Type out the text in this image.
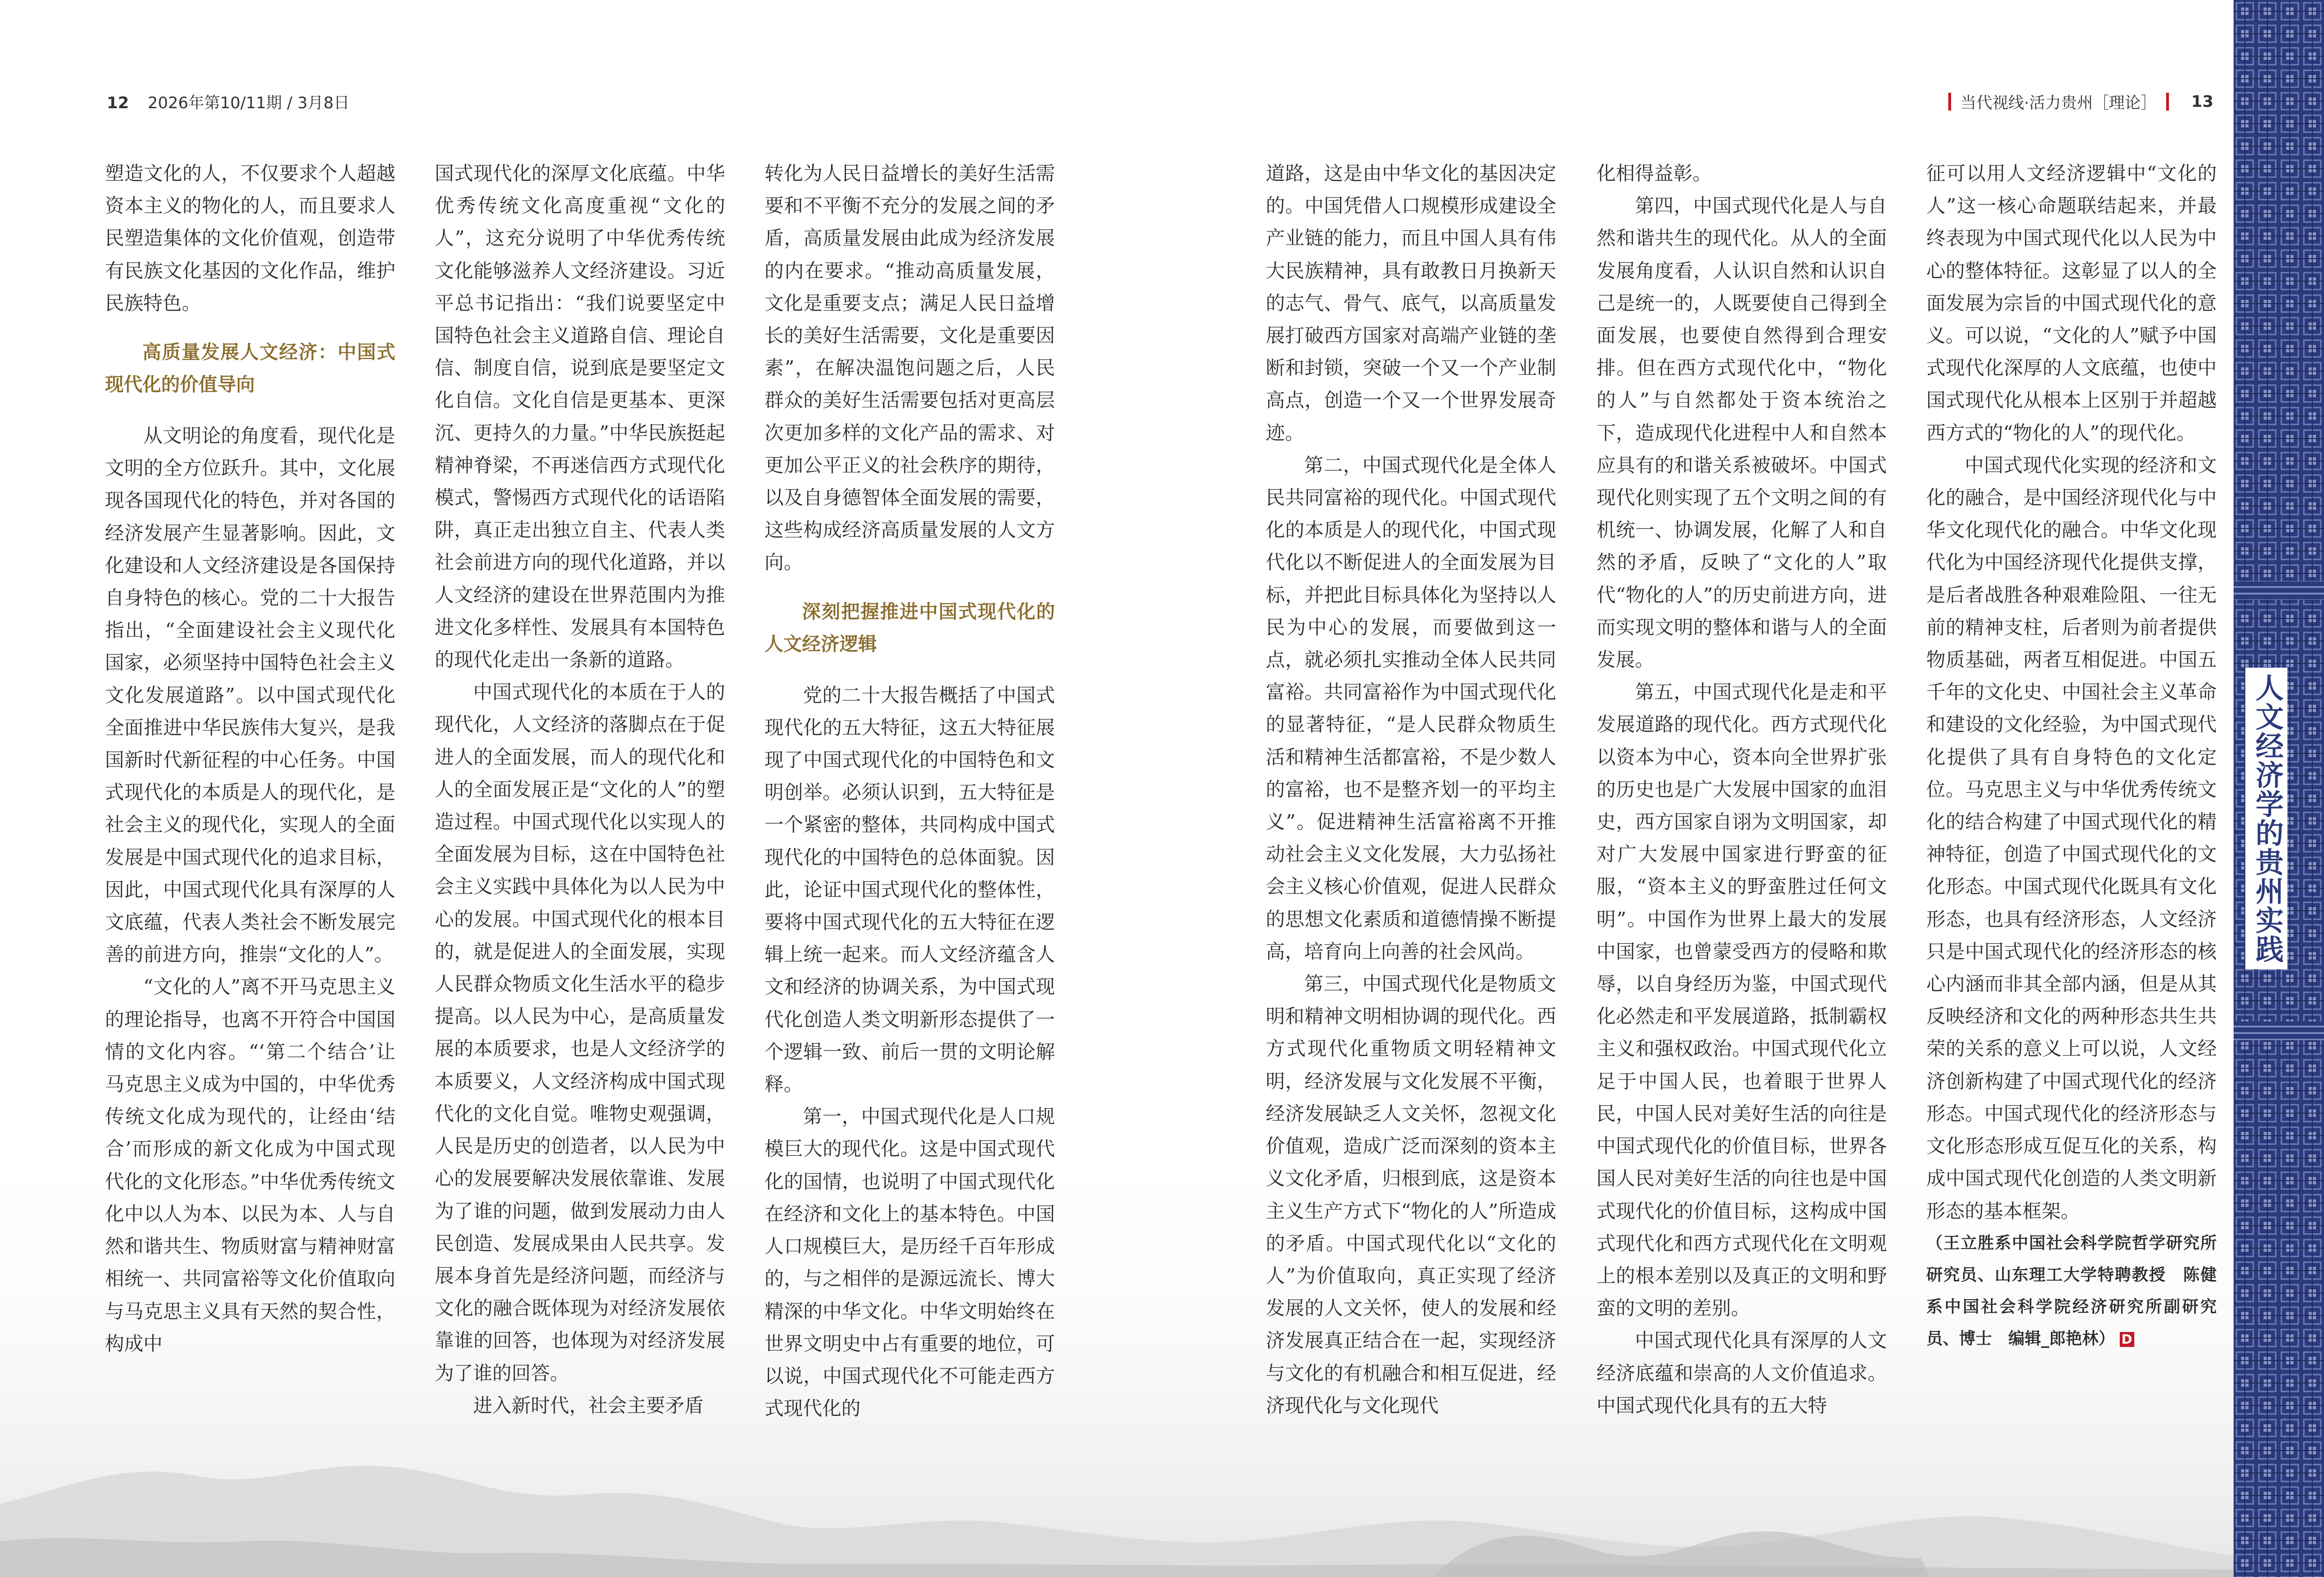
12 2026年第10/11期 / 3月8日	当代视线·活力贵州［理论］ 13

塑造文化的人，不仅要求个人超越资本主义的物化的人，而且要求人民塑造集体的文化价值观，创造带有民族文化基因的文化作品，维护民族特色。

高质量发展人文经济：中国式现代化的价值导向

从文明论的角度看，现代化是文明的全方位跃升。其中，文化展现各国现代化的特色，并对各国的经济发展产生显著影响。因此，文化建设和人文经济建设是各国保持自身特色的核心。党的二十大报告指出，“全面建设社会主义现代化国家，必须坚持中国特色社会主义文化发展道路”。以中国式现代化全面推进中华民族伟大复兴，是我国新时代新征程的中心任务。中国式现代化的本质是人的现代化，是社会主义的现代化，实现人的全面发展是中国式现代化的追求目标，因此，中国式现代化具有深厚的人文底蕴，代表人类社会不断发展完善的前进方向，推崇“文化的人”。

“文化的人”离不开马克思主义的理论指导，也离不开符合中国国情的文化内容。“‘第二个结合’让马克思主义成为中国的，中华优秀传统文化成为现代的，让经由‘结合’而形成的新文化成为中国式现代化的文化形态。”中华优秀传统文化中以人为本、以民为本、人与自然和谐共生、物质财富与精神财富相统一、共同富裕等文化价值取向与马克思主义具有天然的契合性，构成中

国式现代化的深厚文化底蕴。中华优秀传统文化高度重视“文化的人”，这充分说明了中华优秀传统文化能够滋养人文经济建设。习近平总书记指出：“我们说要坚定中国特色社会主义道路自信、理论自信、制度自信，说到底是要坚定文化自信。文化自信是更基本、更深沉、更持久的力量。”中华民族挺起精神脊梁，不再迷信西方式现代化模式，警惕西方式现代化的话语陷阱，真正走出独立自主、代表人类社会前进方向的现代化道路，并以人文经济的建设在世界范围内为推进文化多样性、发展具有本国特色的现代化走出一条新的道路。

中国式现代化的本质在于人的现代化，人文经济的落脚点在于促进人的全面发展，而人的现代化和人的全面发展正是“文化的人”的塑造过程。中国式现代化以实现人的全面发展为目标，这在中国特色社会主义实践中具体化为以人民为中心的发展。中国式现代化的根本目的，就是促进人的全面发展，实现人民群众物质文化生活水平的稳步提高。以人民为中心，是高质量发展的本质要求，也是人文经济学的本质要义，人文经济构成中国式现代化的文化自觉。唯物史观强调，人民是历史的创造者，以人民为中心的发展要解决发展依靠谁、发展为了谁的问题，做到发展动力由人民创造、发展成果由人民共享。发展本身首先是经济问题，而经济与文化的融合既体现为对经济发展依靠谁的回答，也体现为对经济发展为了谁的回答。

进入新时代，社会主要矛盾

转化为人民日益增长的美好生活需要和不平衡不充分的发展之间的矛盾，高质量发展由此成为经济发展的内在要求。“推动高质量发展，文化是重要支点；满足人民日益增长的美好生活需要，文化是重要因素”，在解决温饱问题之后，人民群众的美好生活需要包括对更高层次更加多样的文化产品的需求、对更加公平正义的社会秩序的期待，以及自身德智体全面发展的需要，这些构成经济高质量发展的人文方向。

深刻把握推进中国式现代化的人文经济逻辑

党的二十大报告概括了中国式现代化的五大特征，这五大特征展现了中国式现代化的中国特色和文明创举。必须认识到，五大特征是一个紧密的整体，共同构成中国式现代化的中国特色的总体面貌。因此，论证中国式现代化的整体性，要将中国式现代化的五大特征在逻辑上统一起来。而人文经济蕴含人文和经济的协调关系，为中国式现代化创造人类文明新形态提供了一个逻辑一致、前后一贯的文明论解释。

第一，中国式现代化是人口规模巨大的现代化。这是中国式现代化的国情，也说明了中国式现代化在经济和文化上的基本特色。中国人口规模巨大，是历经千百年形成的，与之相伴的是源远流长、博大精深的中华文化。中华文明始终在世界文明史中占有重要的地位，可以说，中国式现代化不可能走西方式现代化的

道路，这是由中华文化的基因决定的。中国凭借人口规模形成建设全产业链的能力，而且中国人具有伟大民族精神，具有敢教日月换新天的志气、骨气、底气，以高质量发展打破西方国家对高端产业链的垄断和封锁，突破一个又一个产业制高点，创造一个又一个世界发展奇迹。

第二，中国式现代化是全体人民共同富裕的现代化。中国式现代化的本质是人的现代化，中国式现代化以不断促进人的全面发展为目标，并把此目标具体化为坚持以人民为中心的发展，而要做到这一点，就必须扎实推动全体人民共同富裕。共同富裕作为中国式现代化的显著特征，“是人民群众物质生活和精神生活都富裕，不是少数人的富裕，也不是整齐划一的平均主义”。促进精神生活富裕离不开推动社会主义文化发展，大力弘扬社会主义核心价值观，促进人民群众的思想文化素质和道德情操不断提高，培育向上向善的社会风尚。

第三，中国式现代化是物质文明和精神文明相协调的现代化。西方式现代化重物质文明轻精神文明，经济发展与文化发展不平衡，经济发展缺乏人文关怀，忽视文化价值观，造成广泛而深刻的资本主义文化矛盾，归根到底，这是资本主义生产方式下“物化的人”所造成的矛盾。中国式现代化以“文化的人”为价值取向，真正实现了经济发展的人文关怀，使人的发展和经济发展真正结合在一起，实现经济与文化的有机融合和相互促进，经济现代化与文化现代

化相得益彰。

第四，中国式现代化是人与自然和谐共生的现代化。从人的全面发展角度看，人认识自然和认识自己是统一的，人既要使自己得到全面发展，也要使自然得到合理安排。但在西方式现代化中，“物化的人”与自然都处于资本统治之下，造成现代化进程中人和自然本应具有的和谐关系被破坏。中国式现代化则实现了五个文明之间的有机统一、协调发展，化解了人和自然的矛盾，反映了“文化的人”取代“物化的人”的历史前进方向，进而实现文明的整体和谐与人的全面发展。

第五，中国式现代化是走和平发展道路的现代化。西方式现代化以资本为中心，资本向全世界扩张的历史也是广大发展中国家的血泪史，西方国家自诩为文明国家，却对广大发展中国家进行野蛮的征服，“资本主义的野蛮胜过任何文明”。中国作为世界上最大的发展中国家，也曾蒙受西方的侵略和欺辱，以自身经历为鉴，中国式现代化必然走和平发展道路，抵制霸权主义和强权政治。中国式现代化立足于中国人民，也着眼于世界人民，中国人民对美好生活的向往是中国式现代化的价值目标，世界各国人民对美好生活的向往也是中国式现代化的价值目标，这构成中国式现代化和西方式现代化在文明观上的根本差别以及真正的文明和野蛮的文明的差别。

中国式现代化具有深厚的人文经济底蕴和崇高的人文价值追求。中国式现代化具有的五大特

征可以用人文经济逻辑中“文化的人”这一核心命题联结起来，并最终表现为中国式现代化以人民为中心的整体特征。这彰显了以人的全面发展为宗旨的中国式现代化的意义。可以说，“文化的人”赋予中国式现代化深厚的人文底蕴，也使中国式现代化从根本上区别于并超越西方式的“物化的人”的现代化。

中国式现代化实现的经济和文化的融合，是中国经济现代化与中华文化现代化的融合。中华文化现代化为中国经济现代化提供支撑，是后者战胜各种艰难险阻、一往无前的精神支柱，后者则为前者提供物质基础，两者互相促进。中国五千年的文化史、中国社会主义革命和建设的文化经验，为中国式现代化提供了具有自身特色的文化定位。马克思主义与中华优秀传统文化的结合构建了中国式现代化的精神特征，创造了中国式现代化的文化形态。中国式现代化既具有文化形态，也具有经济形态，人文经济只是中国式现代化的经济形态的核心内涵而非其全部内涵，但是从其反映经济和文化的两种形态共生共荣的关系的意义上可以说，人文经济创新构建了中国式现代化的经济形态。中国式现代化的经济形态与文化形态形成互促互化的关系，构成中国式现代化创造的人类文明新形态的基本框架。

（王立胜系中国社会科学院哲学研究所研究员、山东理工大学特聘教授　陈健系中国社会科学院经济研究所副研究员、博士　编辑_郎艳林） D

人文经济学的贵州实践
